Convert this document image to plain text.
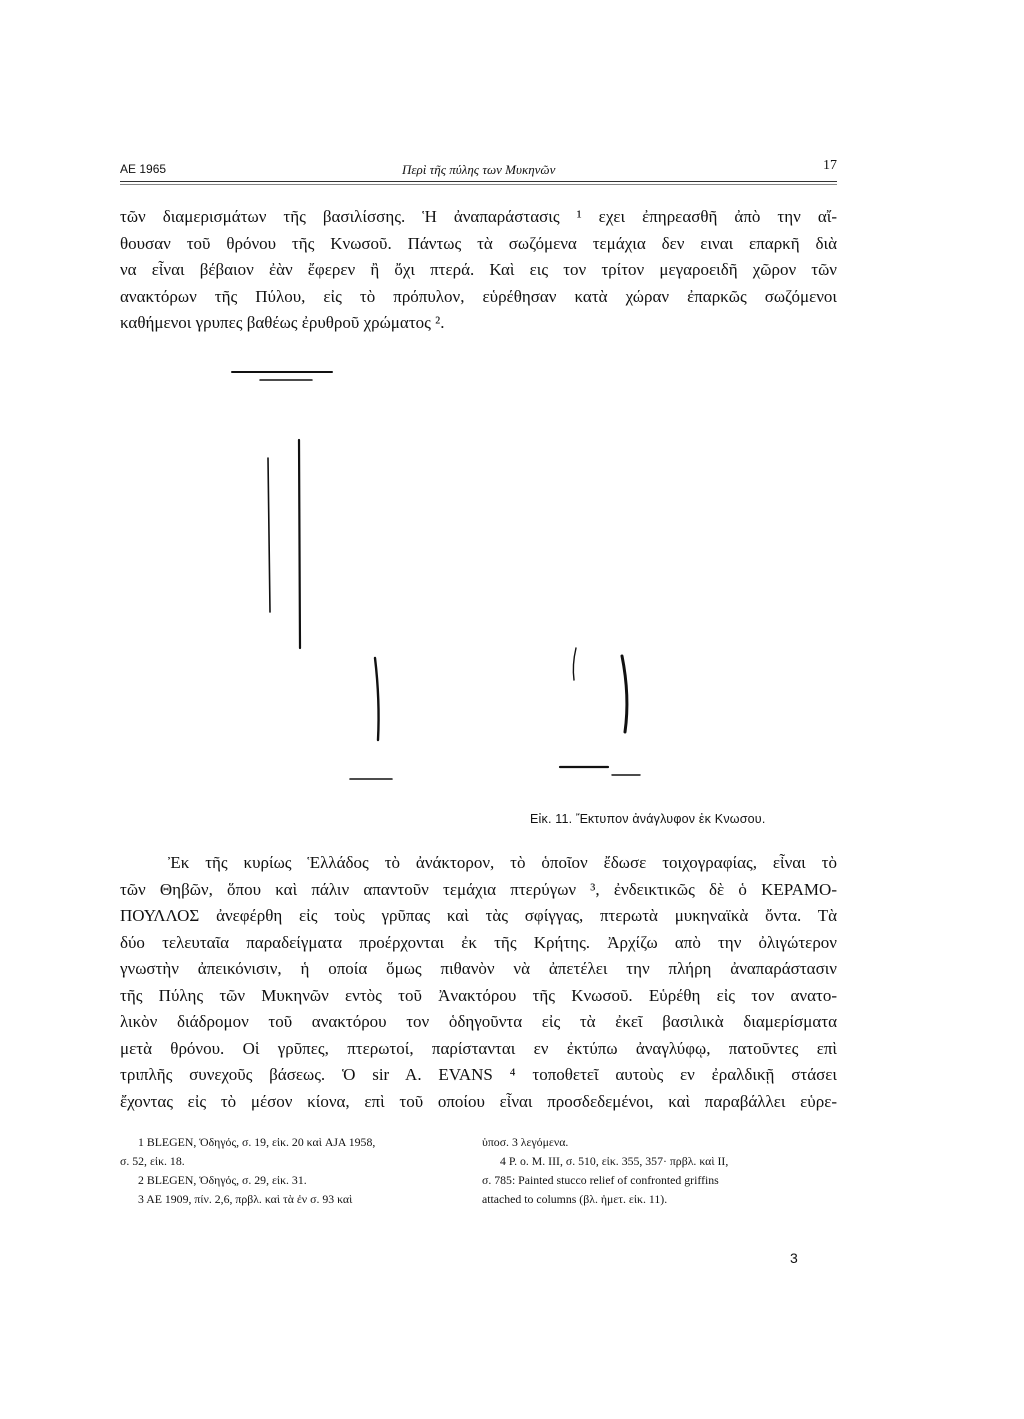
ΑΕ 1965	Περὶ τῆς πύλης των Μυκηνῶν	17
τῶν διαμερισμάτων τῆς βασιλίσσης. Ἡ ἀναπαράστασις ¹ εχει ἐπηρεασθῆ ἀπὸ την αἴ-
θουσαν τοῦ θρόνου τῆς Κνωσοῦ. Πάντως τὰ σωζόμενα τεμάχια δεν ειναι επαρκῆ διὰ
να εἶναι βέβαιον ἐὰν ἔφερεν ἢ ὄχι πτερά. Καὶ εις τον τρίτον μεγαροειδῆ χῶρον τῶν
ανακτόρων τῆς Πύλου, εἰς τὸ πρόπυλον, εὑρέθησαν κατὰ χώραν ἐπαρκῶς σωζόμενοι
καθήμενοι γρυπες βαθέως ἐρυθροῦ χρώματος ².
Εἰκ. 11. Ἔκτυπον ἀνάγλυφον ἐκ Κνωσου.
Ἐκ τῆς κυρίως Ἑλλάδος τὸ ἀνάκτορον, τὸ ὁποῖον ἔδωσε τοιχογραφίας, εἶναι τὸ
τῶν Θηβῶν, ὅπου καὶ πάλιν απαντοῦν τεμάχια πτερύγων ³, ἐνδεικτικῶς δὲ ὁ ΚΕΡΑΜΟ-
ΠΟΥΛΛΟΣ ἀνεφέρθη εἰς τοὺς γρῦπας καὶ τὰς σφίγγας, πτερωτὰ μυκηναϊκὰ ὄντα. Τὰ
δύο τελευταῖα παραδείγματα προέρχονται ἐκ τῆς Κρήτης. Ἀρχίζω απὸ την ὀλιγώτερον
γνωστὴν ἀπεικόνισιν, ἡ οποία ὅμως πιθανὸν νὰ ἀπετέλει την πλήρη ἀναπαράστασιν
τῆς Πύλης τῶν Μυκηνῶν εντὸς τοῦ Ἀνακτόρου τῆς Κνωσοῦ. Εὑρέθη εἰς τον ανατο-
λικὸν διάδρομον τοῦ ανακτόρου τον ὁδηγοῦντα εἰς τὰ ἐκεῖ βασιλικὰ διαμερίσματα
μετὰ θρόνου. Οἱ γρῦπες, πτερωτοί, παρίστανται εν ἐκτύπω ἀναγλύφῳ, πατοῦντες επὶ
τριπλῆς συνεχοῦς βάσεως. Ὁ sir A. EVANS ⁴ τοποθετεῖ αυτοὺς εν ἐραλδικῇ στάσει
ἔχοντας εἰς τὸ μέσον κίονα, επὶ τοῦ οποίου εἶναι προσδεδεμένοι, καὶ παραβάλλει εὑρε-
1 BLEGEN, Ὁδηγός, σ. 19, εἰκ. 20 καὶ AJA 1958,
σ. 52, εἰκ. 18.
2 BLEGEN, Ὁδηγός, σ. 29, εἰκ. 31.
3 ΑΕ 1909, πίν. 2,6, πρβλ. καὶ τὰ ἐν σ. 93 καὶ
ὑποσ. 3 λεγόμενα.
4 P. o. M. III, σ. 510, εἰκ. 355, 357· πρβλ. καὶ II,
σ. 785: Painted stucco relief of confronted griffins
attached to columns (βλ. ἡμετ. εἰκ. 11).
3
